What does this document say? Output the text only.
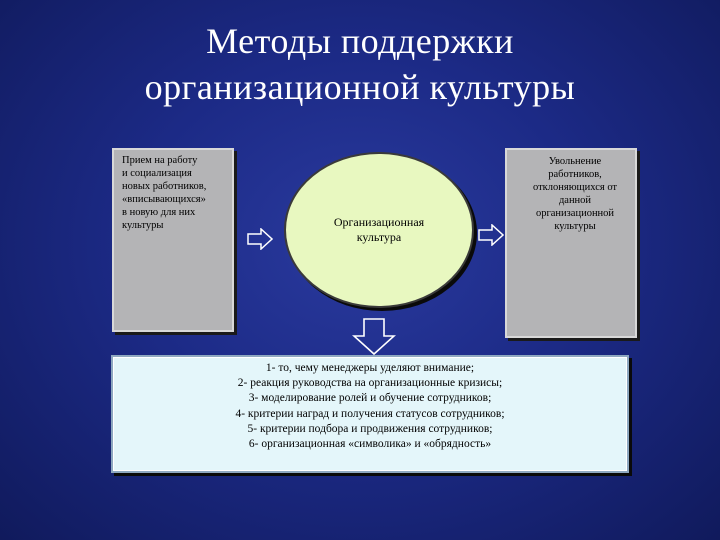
Методы поддержки
организационной культуры
Прием на работу
и социализация
новых работников,
«вписывающихся»
в новую для них
культуры	Организационная
культура
Увольнение
работников,
отклоняющихся от
данной
организационной
культуры
1- то, чему менеджеры уделяют внимание;
2- реакция руководства на организационные кризисы;
3- моделирование ролей и обучение сотрудников;
4- критерии наград и получения статусов сотрудников;
5- критерии подбора и продвижения сотрудников;
6- организационная «символика» и «обрядность»
